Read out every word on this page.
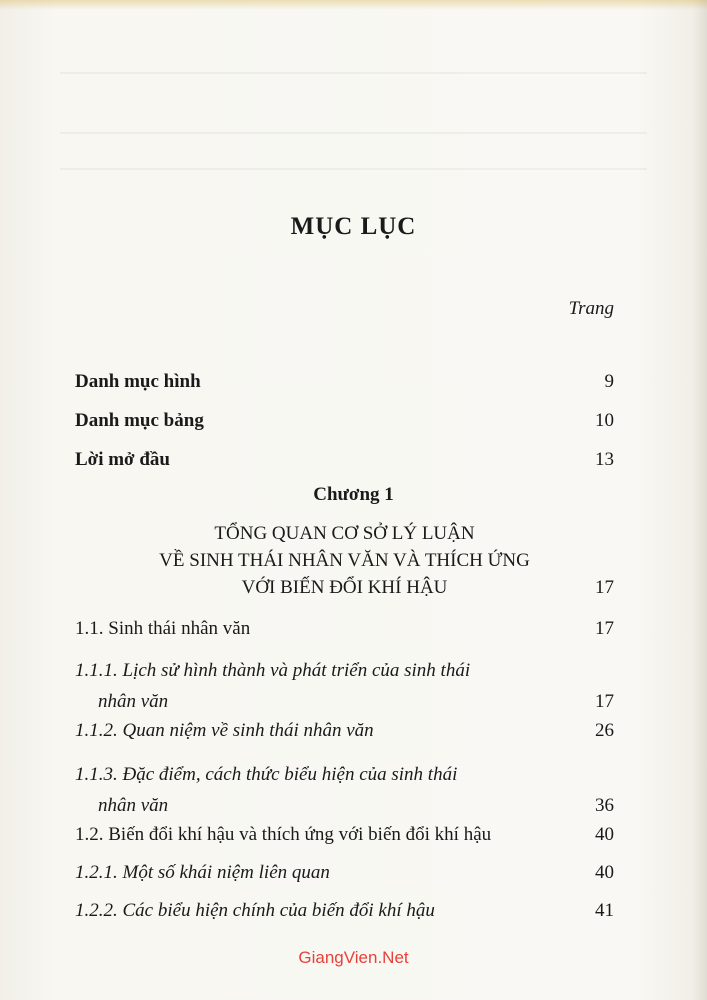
MỤC LỤC
Trang
Danh mục hình	9
Danh mục bảng	10
Lời mở đầu	13
Chương 1
TỔNG QUAN CƠ SỞ LÝ LUẬN
VỀ SINH THÁI NHÂN VĂN VÀ THÍCH ỨNG
VỚI BIẾN ĐỔI KHÍ HẬU	17
1.1. Sinh thái nhân văn	17
1.1.1. Lịch sử hình thành và phát triển của sinh thái
nhân văn	17
1.1.2. Quan niệm về sinh thái nhân văn	26
1.1.3. Đặc điểm, cách thức biểu hiện của sinh thái
nhân văn	36
1.2. Biến đổi khí hậu và thích ứng với biến đổi khí hậu	40
1.2.1. Một số khái niệm liên quan	40
1.2.2. Các biểu hiện chính của biến đổi khí hậu	41
GiangVien.Net
